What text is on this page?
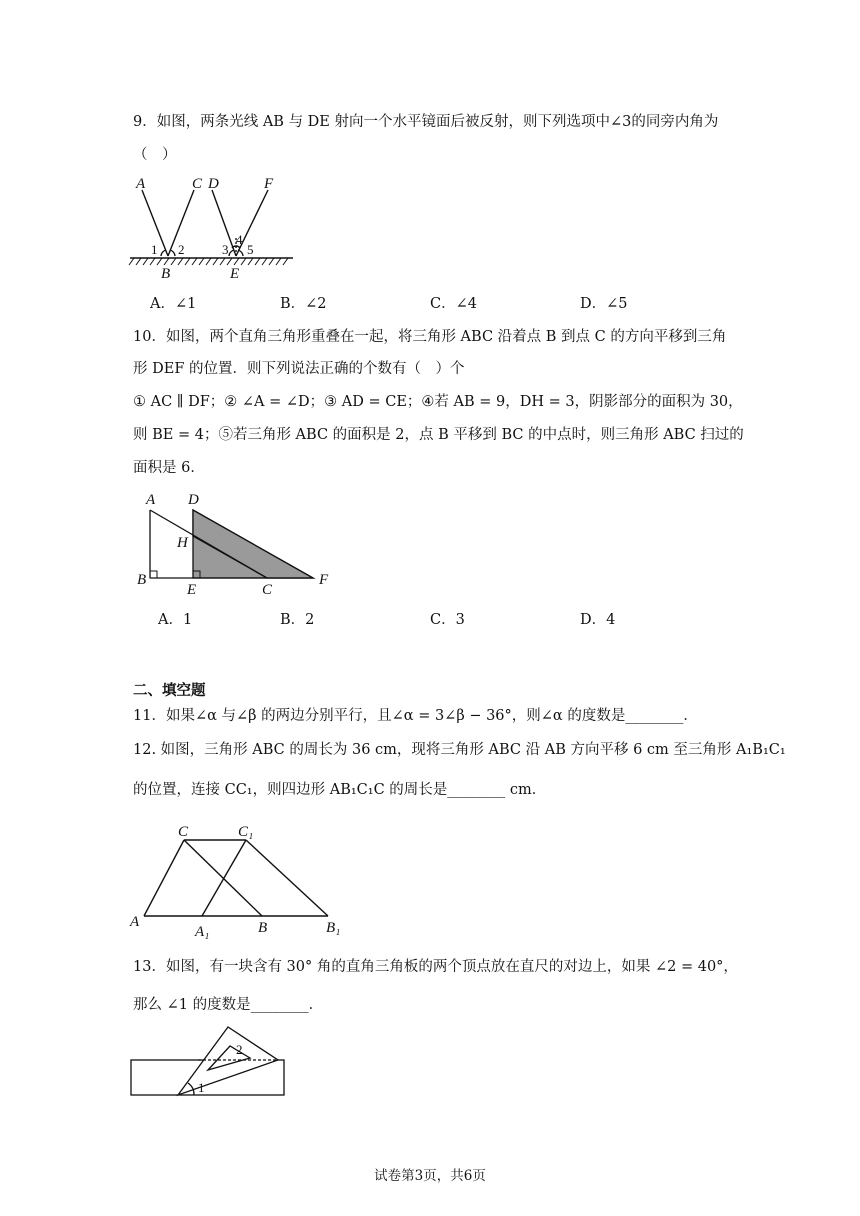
9．如图，两条光线 AB 与 DE 射向一个水平镜面后被反射，则下列选项中∠3的同旁内角为
（　）
A	C D	F
B	E
1 2	3
4
5
A．∠1	B．∠2	C．∠4	D．∠5
10．如图，两个直角三角形重叠在一起，将三角形 ABC 沿着点 B 到点 C 的方向平移到三角
形 DEF 的位置．则下列说法正确的个数有（　）个
① AC ∥ DF；② ∠A = ∠D；③ AD = CE；④若 AB = 9，DH = 3，阴影部分的面积为 30，
则 BE = 4；⑤若三角形 ABC 的面积是 2，点 B 平移到 BC 的中点时，则三角形 ABC 扫过的
面积是 6．
A D
H
B
E	C
F
A．1	B．2	C．3	D．4
二、填空题
11．如果∠α 与∠β 的两边分别平行，且∠α = 3∠β − 36°，则∠α 的度数是________．
12. 如图，三角形 ABC 的周长为 36 cm，现将三角形 ABC 沿 AB 方向平移 6 cm 至三角形 A₁B₁C₁
的位置，连接 CC₁，则四边形 AB₁C₁C 的周长是________ cm．
C	C₁
A
A₁	B	B₁
13．如图，有一块含有 30° 角的直角三角板的两个顶点放在直尺的对边上，如果 ∠2 = 40°，
那么 ∠1 的度数是________．
2
1
试卷第3页，共6页
